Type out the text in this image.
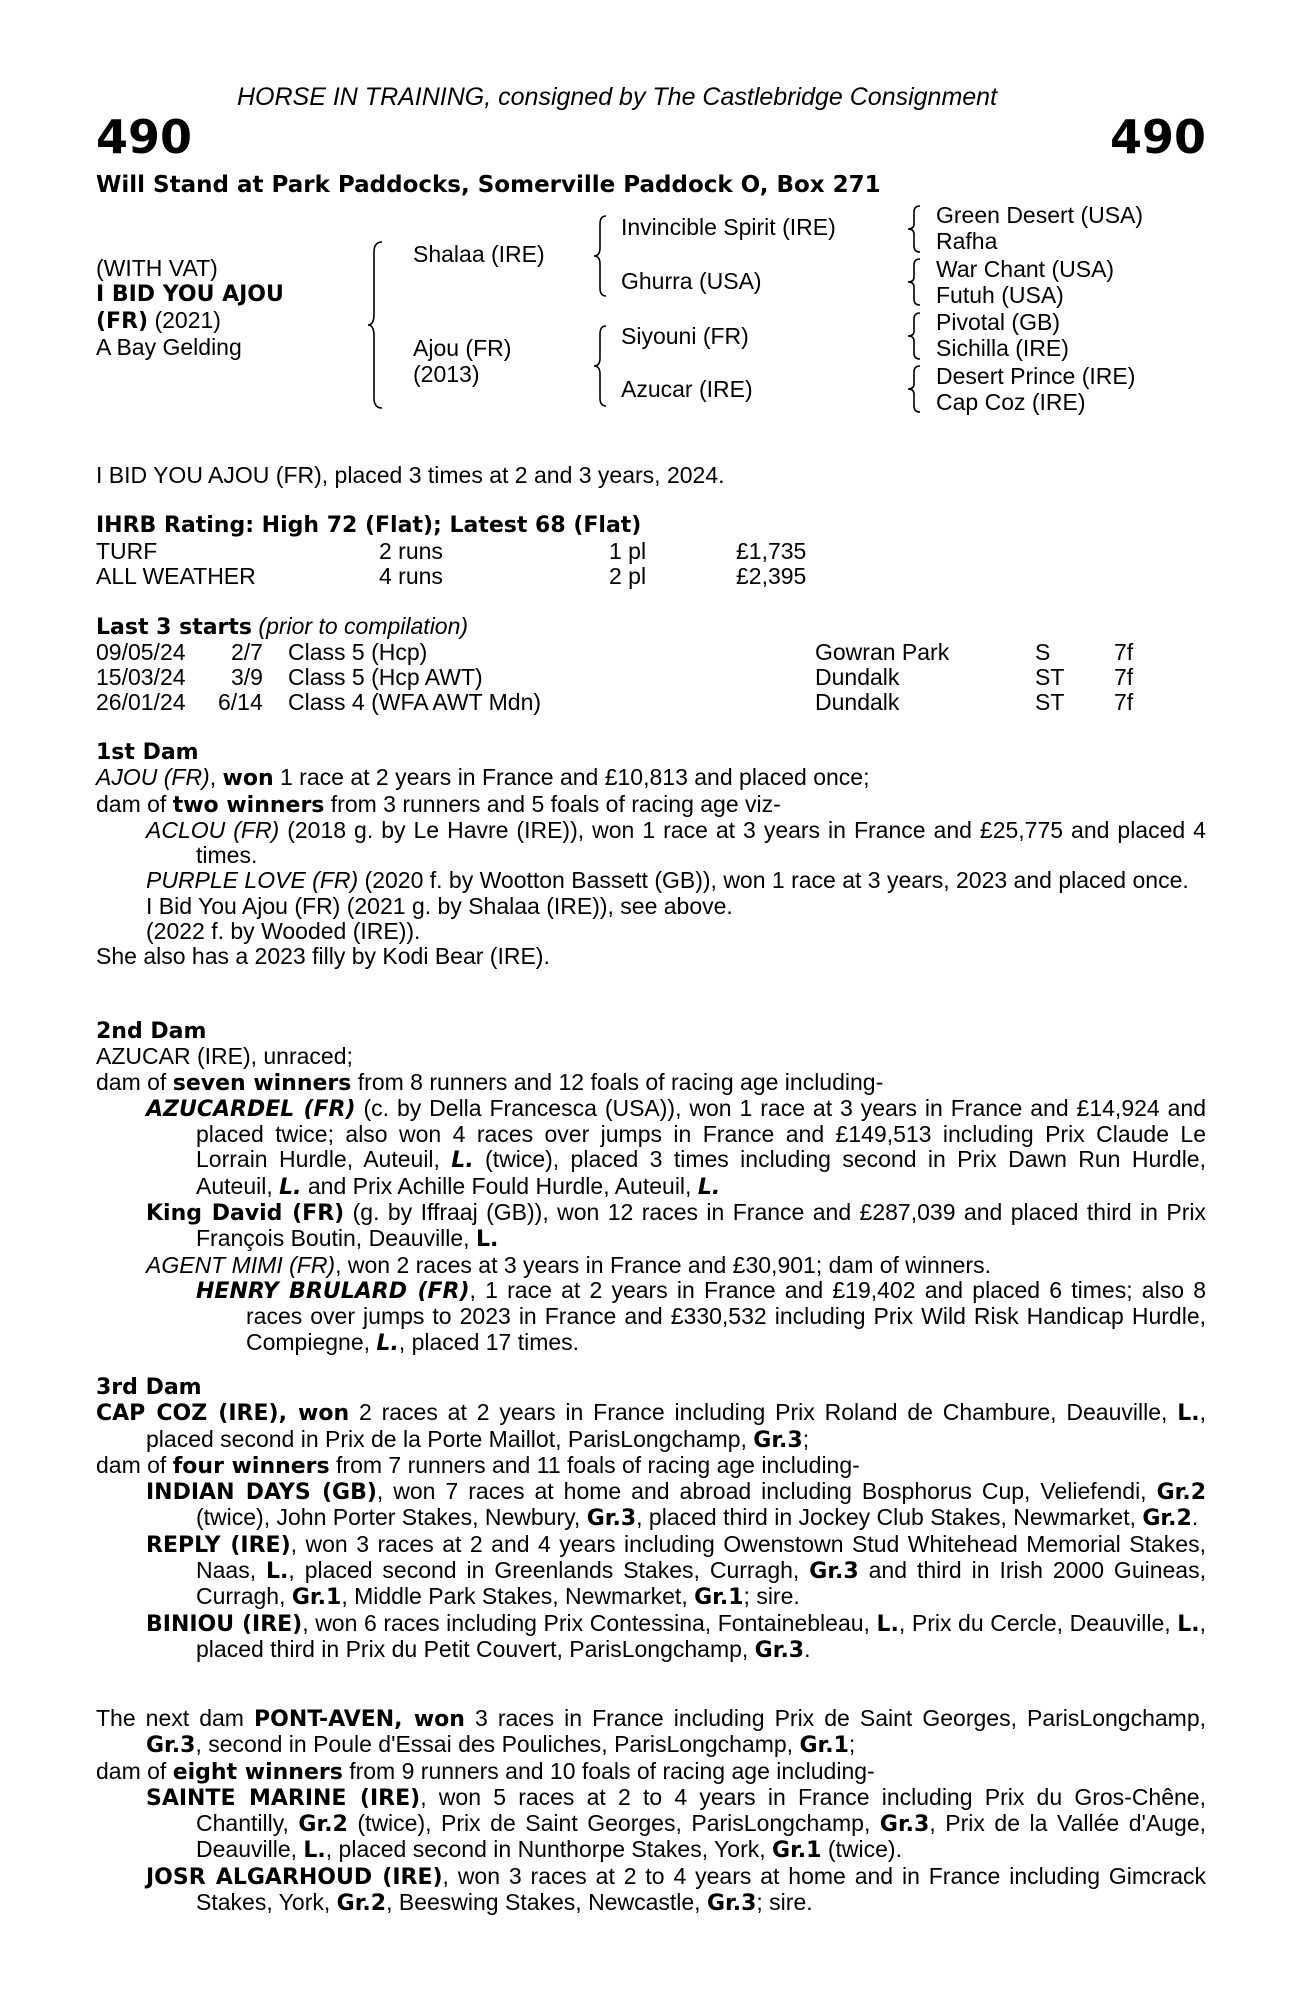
HORSE IN TRAINING, consigned by The Castlebridge Consignment
490	490
Will Stand at Park Paddocks, Somerville Paddock O, Box 271
(WITH VAT)
I BID YOU AJOU
(FR) (2021)
A Bay Gelding
Shalaa (IRE)
Ajou (FR)
(2013)
Invincible Spirit (IRE)
Ghurra (USA)
Siyouni (FR)
Azucar (IRE)
Green Desert (USA)
Rafha
War Chant (USA)
Futuh (USA)
Pivotal (GB)
Sichilla (IRE)
Desert Prince (IRE)
Cap Coz (IRE)
I BID YOU AJOU (FR), placed 3 times at 2 and 3 years, 2024.
IHRB Rating: High 72 (Flat); Latest 68 (Flat)
TURF	2 runs	1 pl	£1,735
ALL WEATHER	4 runs	2 pl	£2,395
Last 3 starts (prior to compilation)
09/05/24 2/7 Class 5 (Hcp)	Gowran Park	S	7f
15/03/24 3/9 Class 5 (Hcp AWT)	Dundalk	ST 7f
26/01/24 6/14 Class 4 (WFA AWT Mdn)	Dundalk	ST 7f

1st Dam

AJOU (FR), won 1 race at 2 years in France and £10,813 and placed once;

dam of two winners from 3 runners and 5 foals of racing age viz-

ACLOU (FR) (2018 g. by Le Havre (IRE)), won 1 race at 3 years in France and £25,775 and placed 4 times.

PURPLE LOVE (FR) (2020 f. by Wootton Bassett (GB)), won 1 race at 3 years, 2023 and placed once.

I Bid You Ajou (FR) (2021 g. by Shalaa (IRE)), see above.

(2022 f. by Wooded (IRE)).

She also has a 2023 filly by Kodi Bear (IRE).

2nd Dam

AZUCAR (IRE), unraced;

dam of seven winners from 8 runners and 12 foals of racing age including-

AZUCARDEL (FR) (c. by Della Francesca (USA)), won 1 race at 3 years in France and £14,924 and placed twice; also won 4 races over jumps in France and £149,513 including Prix Claude Le Lorrain Hurdle, Auteuil, L. (twice), placed 3 times including second in Prix Dawn Run Hurdle, Auteuil, L. and Prix Achille Fould Hurdle, Auteuil, L.

King David (FR) (g. by Iffraaj (GB)), won 12 races in France and £287,039 and placed third in Prix François Boutin, Deauville, L.

AGENT MIMI (FR), won 2 races at 3 years in France and £30,901; dam of winners.

HENRY BRULARD (FR), 1 race at 2 years in France and £19,402 and placed 6 times; also 8 races over jumps to 2023 in France and £330,532 including Prix Wild Risk Handicap Hurdle, Compiegne, L., placed 17 times.

3rd Dam

CAP COZ (IRE), won 2 races at 2 years in France including Prix Roland de Chambure, Deauville, L., placed second in Prix de la Porte Maillot, ParisLongchamp, Gr.3;

dam of four winners from 7 runners and 11 foals of racing age including-

INDIAN DAYS (GB), won 7 races at home and abroad including Bosphorus Cup, Veliefendi, Gr.2 (twice), John Porter Stakes, Newbury, Gr.3, placed third in Jockey Club Stakes, Newmarket, Gr.2.

REPLY (IRE), won 3 races at 2 and 4 years including Owenstown Stud Whitehead Memorial Stakes, Naas, L., placed second in Greenlands Stakes, Curragh, Gr.3 and third in Irish 2000 Guineas, Curragh, Gr.1, Middle Park Stakes, Newmarket, Gr.1; sire.

BINIOU (IRE), won 6 races including Prix Contessina, Fontainebleau, L., Prix du Cercle, Deauville, L., placed third in Prix du Petit Couvert, ParisLongchamp, Gr.3.

The next dam PONT-AVEN, won 3 races in France including Prix de Saint Georges, ParisLongchamp, Gr.3, second in Poule d'Essai des Pouliches, ParisLongchamp, Gr.1;

dam of eight winners from 9 runners and 10 foals of racing age including-

SAINTE MARINE (IRE), won 5 races at 2 to 4 years in France including Prix du Gros-Chêne, Chantilly, Gr.2 (twice), Prix de Saint Georges, ParisLongchamp, Gr.3, Prix de la Vallée d'Auge, Deauville, L., placed second in Nunthorpe Stakes, York, Gr.1 (twice).

JOSR ALGARHOUD (IRE), won 3 races at 2 to 4 years at home and in France including Gimcrack Stakes, York, Gr.2, Beeswing Stakes, Newcastle, Gr.3; sire.
